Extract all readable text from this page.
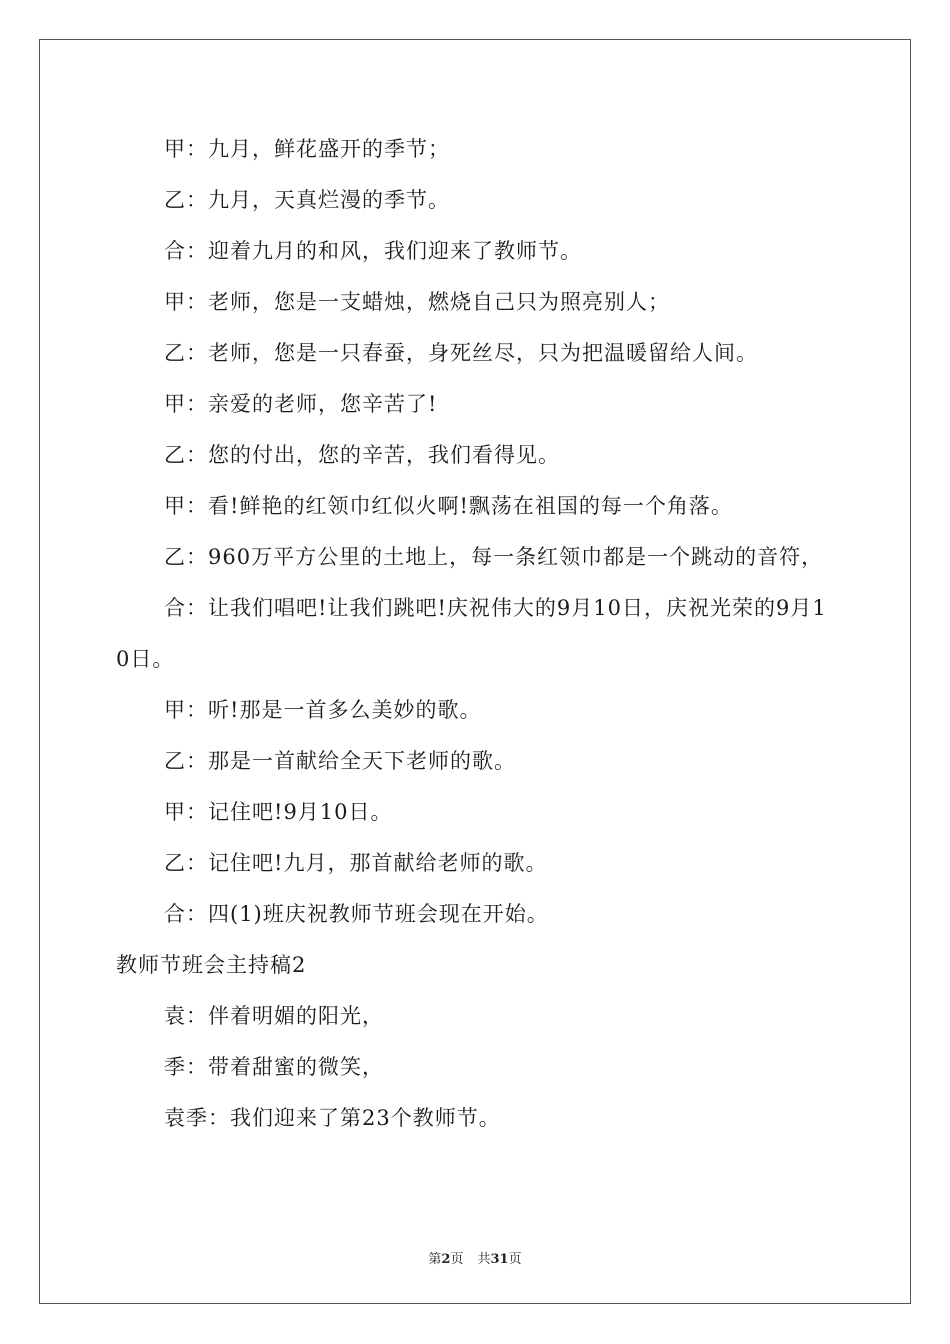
甲：九月，鲜花盛开的季节；

乙：九月，天真烂漫的季节。

合：迎着九月的和风，我们迎来了教师节。

甲：老师，您是一支蜡烛，燃烧自己只为照亮别人；

乙：老师，您是一只春蚕，身死丝尽，只为把温暖留给人间。

甲：亲爱的老师，您辛苦了!

乙：您的付出，您的辛苦，我们看得见。

甲：看!鲜艳的红领巾红似火啊!飘荡在祖国的每一个角落。

乙：960万平方公里的土地上，每一条红领巾都是一个跳动的音符，

合：让我们唱吧!让我们跳吧!庆祝伟大的9月10日，庆祝光荣的9月10日。

甲：听!那是一首多么美妙的歌。

乙：那是一首献给全天下老师的歌。

甲：记住吧!9月10日。

乙：记住吧!九月，那首献给老师的歌。

合：四(1)班庆祝教师节班会现在开始。

教师节班会主持稿2

袁：伴着明媚的阳光，

季：带着甜蜜的微笑，

袁季：我们迎来了第23个教师节。

第2页 共31页
